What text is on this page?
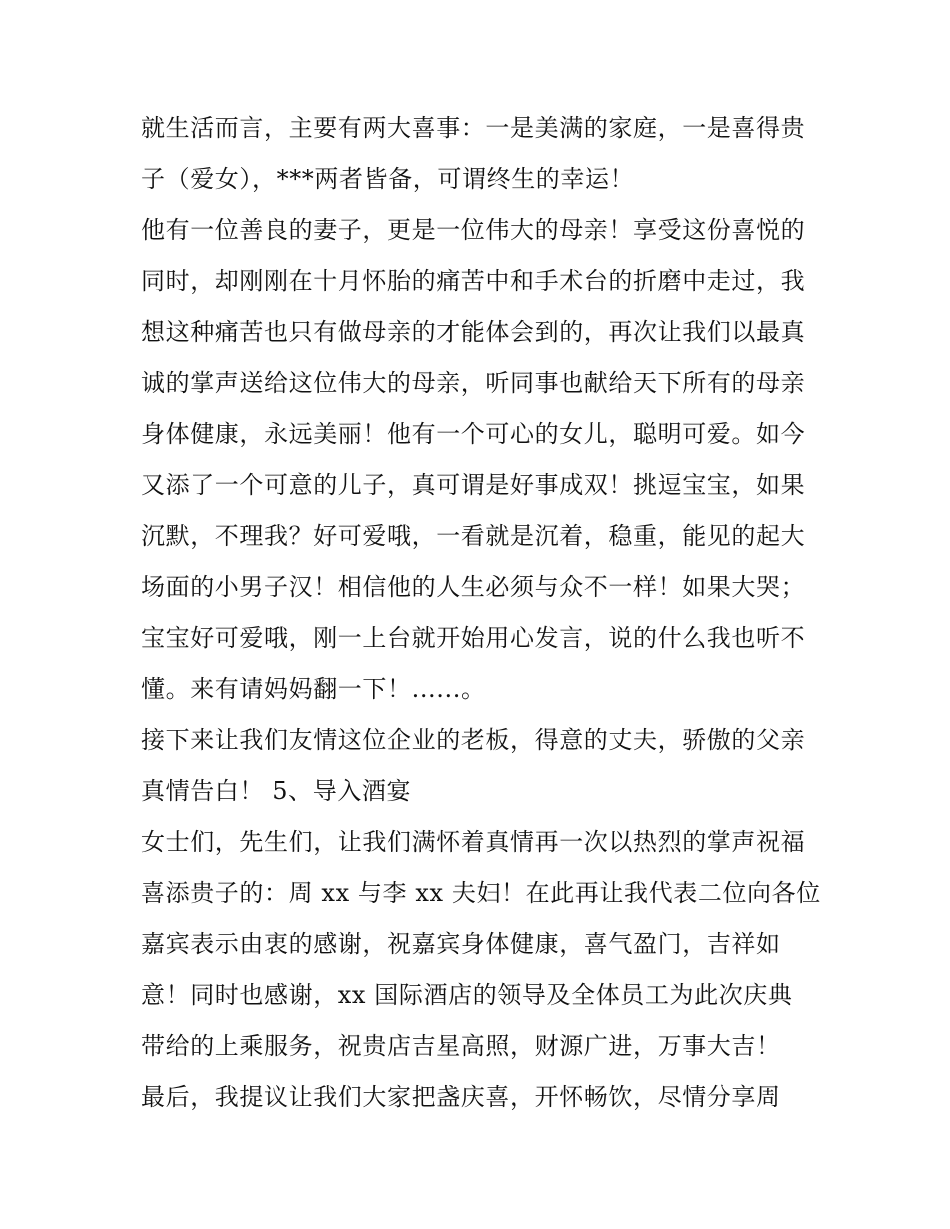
就生活而言，主要有两大喜事：一是美满的家庭，一是喜得贵
子（爱女），***两者皆备，可谓终生的幸运！
他有一位善良的妻子，更是一位伟大的母亲！享受这份喜悦的
同时，却刚刚在十月怀胎的痛苦中和手术台的折磨中走过，我
想这种痛苦也只有做母亲的才能体会到的，再次让我们以最真
诚的掌声送给这位伟大的母亲，听同事也献给天下所有的母亲
身体健康，永远美丽！他有一个可心的女儿，聪明可爱。如今
又添了一个可意的儿子，真可谓是好事成双！挑逗宝宝，如果
沉默，不理我？好可爱哦，一看就是沉着，稳重，能见的起大
场面的小男子汉！相信他的人生必须与众不一样！如果大哭；
宝宝好可爱哦，刚一上台就开始用心发言，说的什么我也听不
懂。来有请妈妈翻一下！......。
接下来让我们友情这位企业的老板，得意的丈夫，骄傲的父亲
真情告白！ 5、导入酒宴
女士们，先生们，让我们满怀着真情再一次以热烈的掌声祝福
喜添贵子的：周 xx 与李 xx 夫妇！在此再让我代表二位向各位
嘉宾表示由衷的感谢，祝嘉宾身体健康，喜气盈门，吉祥如
意！同时也感谢，xx 国际酒店的领导及全体员工为此次庆典
带给的上乘服务，祝贵店吉星高照，财源广进，万事大吉！
最后，我提议让我们大家把盏庆喜，开怀畅饮，尽情分享周
